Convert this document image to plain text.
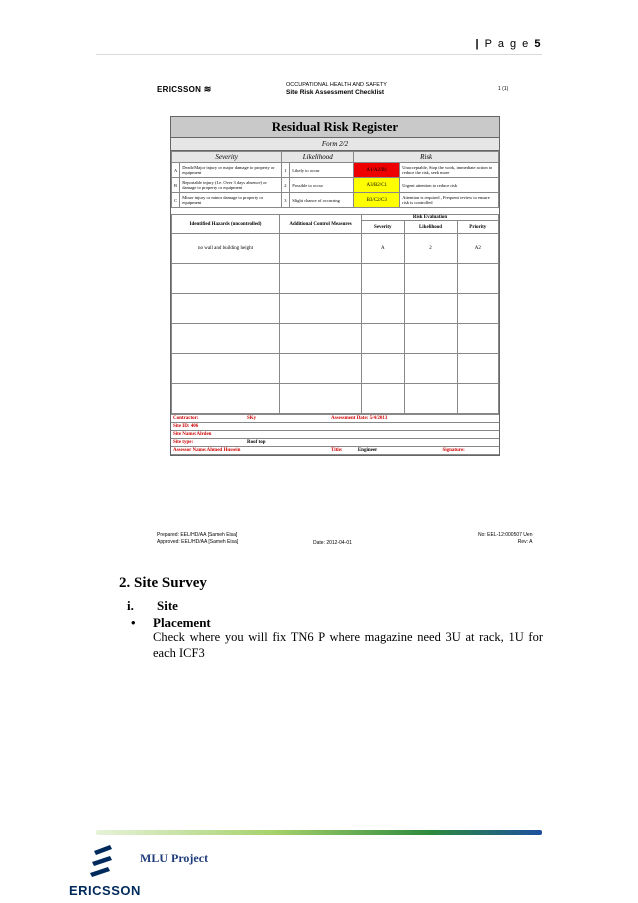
| P a g e 5
ERICSSON ≋	OCCUPATIONAL HEALTH AND SAFETY
Site Risk Assessment Checklist	1 (1)
Residual Risk Register
Form 2/2
Severity		Likelihood		Risk	
A	Death/Major injury or major damage to property or equipment	1	Likely to occur	A1/A2/B1	Unacceptable, Stop the work, immediate action to reduce the risk, seek more
B	Reportable injury (I.e. Over 3 days absence) or damage to property or equipment	2	Possible to occur	A3/B2/C1	Urgent attention to reduce risk
C	Minor injury or minor damage to property or equipment	3	Slight chance of occurring	B3/C2/C3	Attention is required , Frequent review to ensure risk is controlled
Identified Hazards (uncontrolled)	Additional Control Measures	Risk Evaluation		
		Severity	Likelihood	Priority
no wall and building height		A	2	A2

Contractor:	SKy	Assessment Date: 5/4/2013	
Site ID: 406			
Site Name:Alrden			
Site type:	Roof top		
Assessor Name:Ahmed Hussein		Title: Engineer	Signature:
Prepared: EEL/HD/AA [Sameh Eisa]
Approved: EEL/HD/AA [Sameh Eisa]	Date: 2012-04-01
No: EEL-12:000507 Uen
Rev: A
2. Site Survey
i. Site
• Placement
Check where you will fix TN6 P where magazine need 3U at rack, 1U for each ICF3
ERICSSON
MLU Project
